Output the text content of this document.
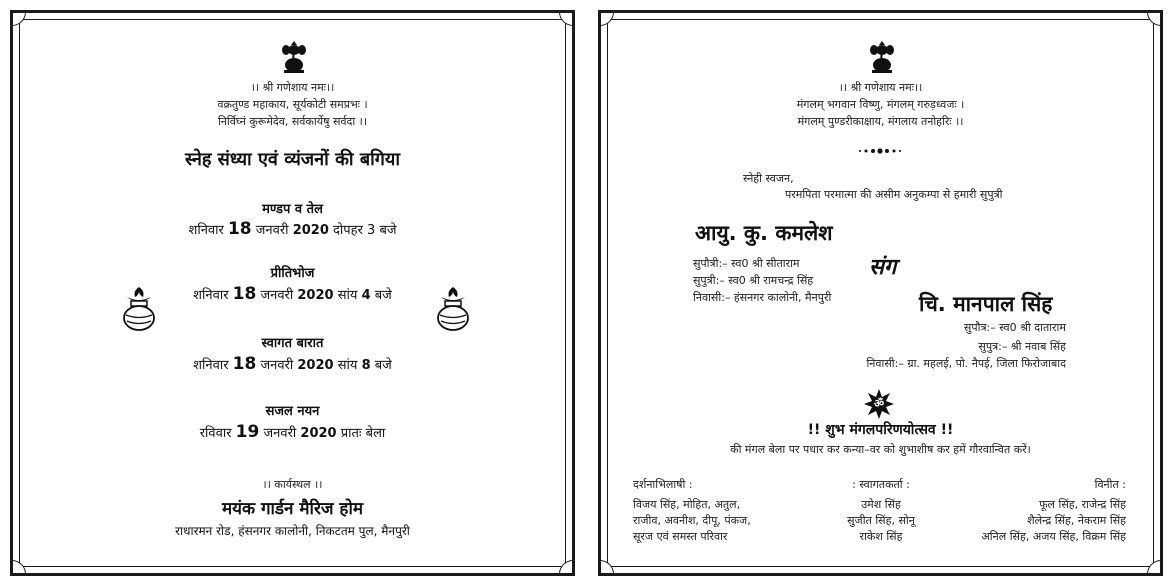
।। श्री गणेशाय नमः।।
वक्रतुण्ड महाकाय, सूर्यकोटी समप्रभः ।
निर्विघ्नं कुरूमेदेव, सर्वकार्येषु सर्वदा ।।
स्नेह संध्या एवं व्यंजनों की बगिया
मण्डप व तेल
शनिवार 18 जनवरी 2020 दोपहर 3 बजे
प्रीतिभोज
शनिवार 18 जनवरी 2020 सांय 4 बजे
स्वागत बारात
शनिवार 18 जनवरी 2020 सांय 8 बजे
सजल नयन
रविवार 19 जनवरी 2020 प्रातः बेला
।। कार्यस्थल ।।
मयंक गार्डन मैरिज होम
राधारमन रोड, हंसनगर कालोनी, निकटतम पुल, मैनपुरी
।। श्री गणेशाय नमः।।
मंगलम् भगवान विष्णु, मंगलम् गरुड़ध्वजः ।
मंगलम् पुण्डरीकाक्षाय, मंगलाय तनोहरिः ।।
स्नेही स्वजन,
परमपिता परमात्मा की असीम अनुकम्पा से हमारी सुपुत्री
आयु. कु. कमलेश
सुपौत्री:– स्व0 श्री सीताराम
सुपुत्री:– स्व0 श्री रामचन्द्र सिंह
निवासी:– हंसनगर कालोनी, मैनपुरी
संग
चि. मानपाल सिंह
सुपौत्र:– स्व0 श्री दाताराम
सुपुत्र:– श्री नवाब सिंह
निवासी:– ग्रा. महलई, पो. नैपई, जिला फिरोजाबाद
ॐ
!! शुभ मंगलपरिणयोत्सव !!
की मंगल बेला पर पधार कर कन्या–वर को शुभाशीष कर हमें गौरवान्वित करें।
दर्शनाभिलाषी :
विजय सिंह, मोहित, अतुल,
राजीव, अवनीश, दीपू, पंकज,
सूरज एवं समस्त परिवार
: स्वागतकर्ता :
उमेश सिंह
सुजीत सिंह, सोनू
राकेश सिंह
विनीत :
फूल सिंह, राजेन्द्र सिंह
शैलेन्द्र सिंह, नेकराम सिंह
अनिल सिंह, अजय सिंह, विक्रम सिंह
